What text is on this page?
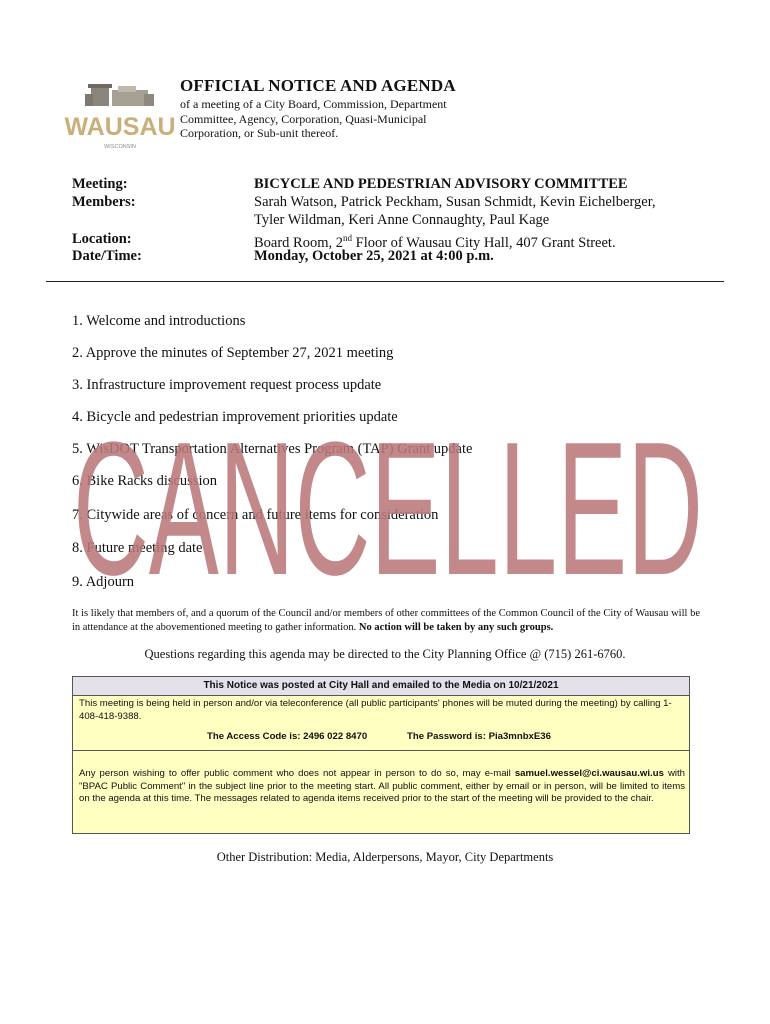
WAUSAU
WISCONSIN
OFFICIAL NOTICE AND AGENDA
of a meeting of a City Board, Commission, Department Committee, Agency, Corporation, Quasi-Municipal Corporation, or Sub-unit thereof.
Meeting:
Members:
Location:
Date/Time:
BICYCLE AND PEDESTRIAN ADVISORY COMMITTEE
Sarah Watson, Patrick Peckham, Susan Schmidt, Kevin Eichelberger,
Tyler Wildman, Keri Anne Connaughty, Paul Kage
Board Room, 2nd Floor of Wausau City Hall, 407 Grant Street.
Monday, October 25, 2021 at 4:00 p.m.
1. Welcome and introductions
2. Approve the minutes of September 27, 2021 meeting
3. Infrastructure improvement request process update
4. Bicycle and pedestrian improvement priorities update
5. WisDOT Transportation Alternatives Program (TAP) Grant update
6. Bike Racks discussion
7. Citywide areas of concern and future items for consideration
8. Future meeting date
9. Adjourn
CANCELLED
It is likely that members of, and a quorum of the Council and/or members of other committees of the Common Council of the City of Wausau will be in attendance at the abovementioned meeting to gather information. No action will be taken by any such groups.
Questions regarding this agenda may be directed to the City Planning Office @ (715) 261-6760.
This Notice was posted at City Hall and emailed to the Media on 10/21/2021
This meeting is being held in person and/or via teleconference (all public participants' phones will be muted during the meeting) by calling 1-408-418-9388.
The Access Code is: 2496 022 8470	The Password is: Pia3mnbxE36
Any person wishing to offer public comment who does not appear in person to do so, may e-mail samuel.wessel@ci.wausau.wi.us with "BPAC Public Comment" in the subject line prior to the meeting start. All public comment, either by email or in person, will be limited to items on the agenda at this time. The messages related to agenda items received prior to the start of the meeting will be provided to the chair.
Other Distribution: Media, Alderpersons, Mayor, City Departments
